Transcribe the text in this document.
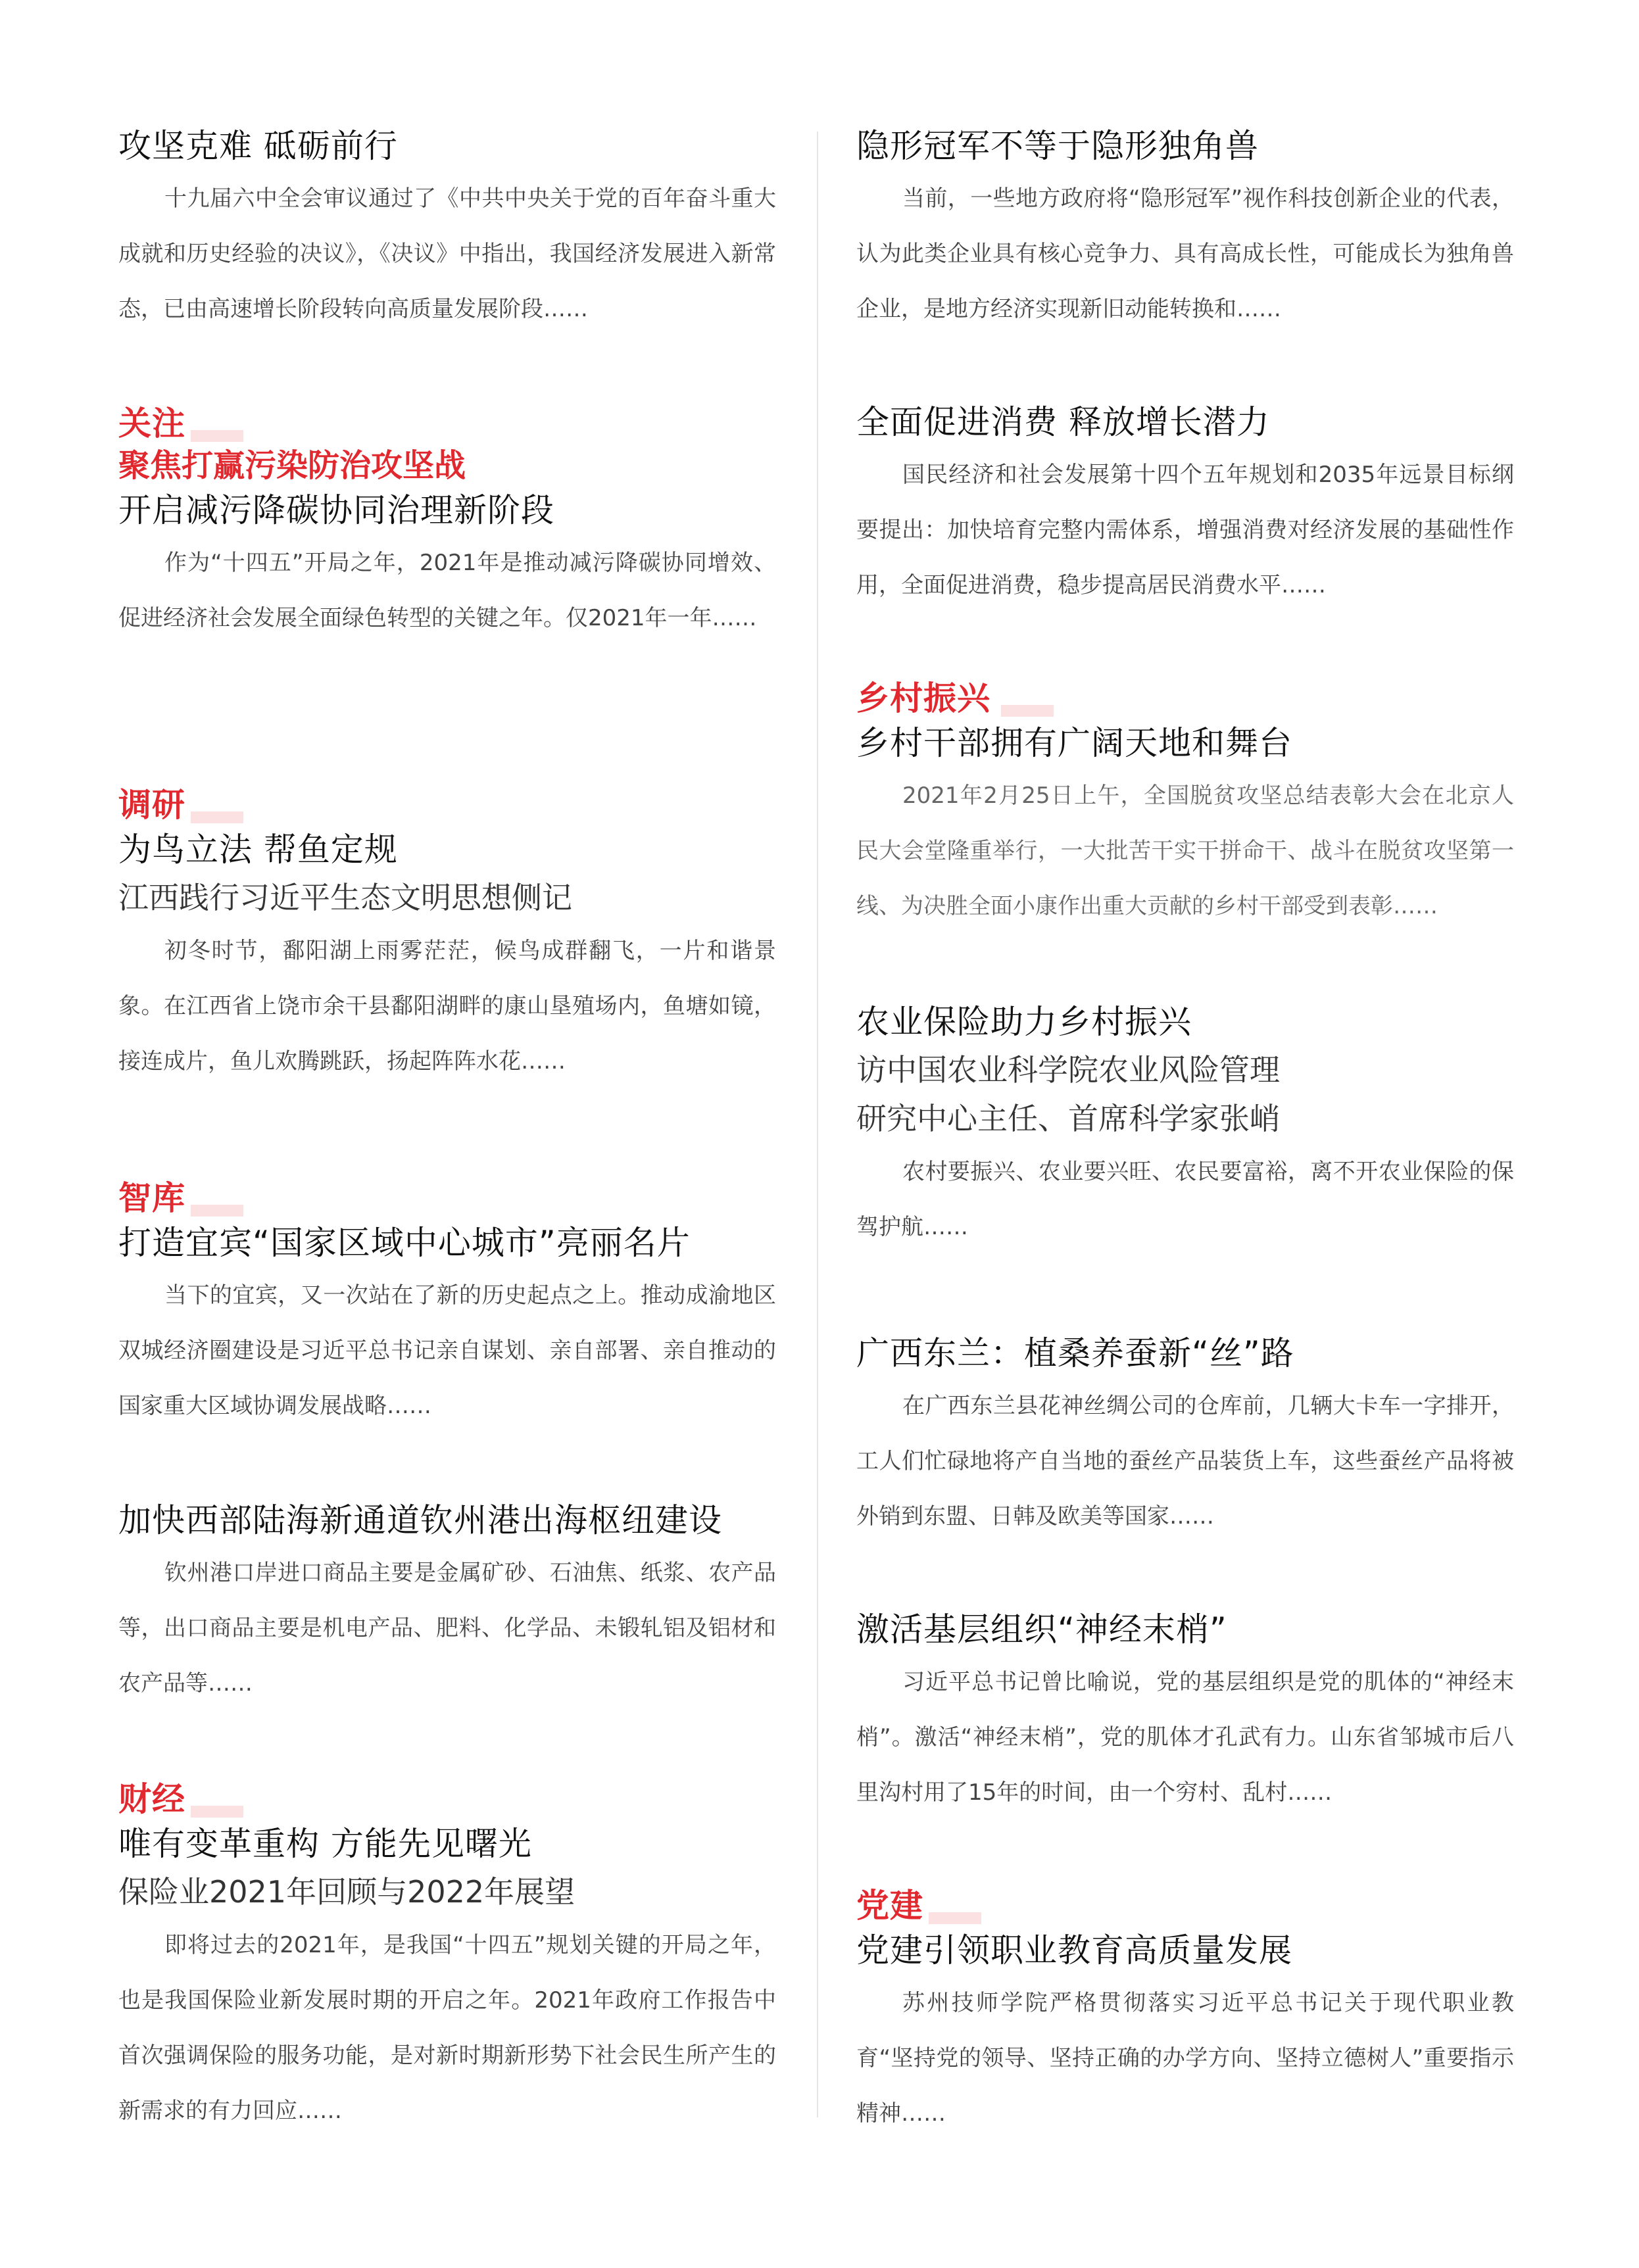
攻坚克难 砥砺前行
十九届六中全会审议通过了《中共中央关于党的百年奋斗重大成就和历史经验的决议》，《决议》中指出，我国经济发展进入新常态，已由高速增长阶段转向高质量发展阶段……
关注
聚焦打赢污染防治攻坚战
开启减污降碳协同治理新阶段
作为“十四五”开局之年，2021年是推动减污降碳协同增效、促进经济社会发展全面绿色转型的关键之年。仅2021年一年……
调研
为鸟立法 帮鱼定规
江西践行习近平生态文明思想侧记
初冬时节，鄱阳湖上雨雾茫茫，候鸟成群翻飞，一片和谐景象。在江西省上饶市余干县鄱阳湖畔的康山垦殖场内，鱼塘如镜，接连成片，鱼儿欢腾跳跃，扬起阵阵水花……
智库
打造宜宾“国家区域中心城市”亮丽名片
当下的宜宾，又一次站在了新的历史起点之上。推动成渝地区双城经济圈建设是习近平总书记亲自谋划、亲自部署、亲自推动的国家重大区域协调发展战略……
加快西部陆海新通道钦州港出海枢纽建设
钦州港口岸进口商品主要是金属矿砂、石油焦、纸浆、农产品等，出口商品主要是机电产品、肥料、化学品、未锻轧铝及铝材和农产品等……
财经
唯有变革重构 方能先见曙光
保险业2021年回顾与2022年展望
即将过去的2021年，是我国“十四五”规划关键的开局之年，也是我国保险业新发展时期的开启之年。2021年政府工作报告中首次强调保险的服务功能，是对新时期新形势下社会民生所产生的新需求的有力回应……
隐形冠军不等于隐形独角兽
当前，一些地方政府将“隐形冠军”视作科技创新企业的代表，认为此类企业具有核心竞争力、具有高成长性，可能成长为独角兽企业，是地方经济实现新旧动能转换和……
全面促进消费 释放增长潜力
国民经济和社会发展第十四个五年规划和2035年远景目标纲要提出：加快培育完整内需体系，增强消费对经济发展的基础性作用，全面促进消费，稳步提高居民消费水平……
乡村振兴
乡村干部拥有广阔天地和舞台
2021年2月25日上午，全国脱贫攻坚总结表彰大会在北京人民大会堂隆重举行，一大批苦干实干拼命干、战斗在脱贫攻坚第一线、为决胜全面小康作出重大贡献的乡村干部受到表彰……
农业保险助力乡村振兴
访中国农业科学院农业风险管理
研究中心主任、首席科学家张峭
农村要振兴、农业要兴旺、农民要富裕，离不开农业保险的保驾护航……
广西东兰：植桑养蚕新“丝”路
在广西东兰县花神丝绸公司的仓库前，几辆大卡车一字排开，工人们忙碌地将产自当地的蚕丝产品装货上车，这些蚕丝产品将被外销到东盟、日韩及欧美等国家……
激活基层组织“神经末梢”
习近平总书记曾比喻说，党的基层组织是党的肌体的“神经末梢”。激活“神经末梢”，党的肌体才孔武有力。山东省邹城市后八里沟村用了15年的时间，由一个穷村、乱村……
党建
党建引领职业教育高质量发展
苏州技师学院严格贯彻落实习近平总书记关于现代职业教育“坚持党的领导、坚持正确的办学方向、坚持立德树人”重要指示精神……
